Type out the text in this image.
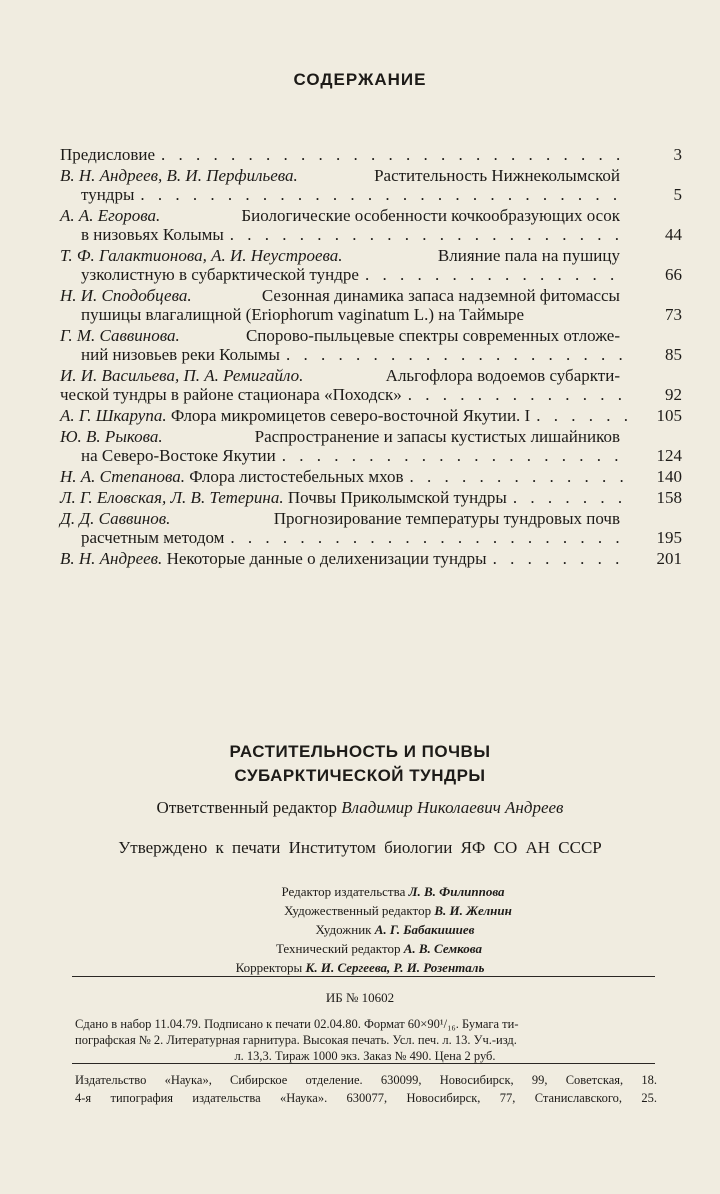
СОДЕРЖАНИЕ
Предисловие . . .	3
В. Н. Андреев, В. И. Перфильева.
	Растительность Нижнеколымской
тундры . . .	5
А. А. Егорова.
	Биологические особенности кочкообразующих осок
в низовьях Колымы . . .	44
Т. Ф. Галактионова, А. И. Неустроева.
	Влияние пала на пушицу
узколистную в субарктической тундре . . .	66
Н. И. Сподобцева.
	Сезонная динамика запаса надземной фитомассы
пушицы влагалищной (Eriophorum vaginatum L.) на Таймыре	73
Г. М. Саввинова.
	Спорово-пыльцевые спектры современных отложе-
ний низовьев реки Колымы . . .	85
И. И. Васильева, П. А. Ремигайло.
	Альгофлора водоемов субаркти-
ческой тундры в районе стационара «Походск» . . .	92
А. Г. Шкарупа.
Флора микромицетов северо-восточной Якутии. I . . .	105
Ю. В. Рыкова.
	Распространение и запасы кустистых лишайников
на Северо-Востоке Якутии . . .	124
Н. А. Степанова.
Флора листостебельных мхов . . .	140
Л. Г. Еловская, Л. В. Тетерина.
Почвы Приколымской тундры . . .	158
Д. Д. Саввинов.
	Прогнозирование температуры тундровых почв
расчетным методом . . .	195
В. Н. Андреев.
Некоторые данные о делихенизации тундры . . .	201
РАСТИТЕЛЬНОСТЬ И ПОЧВЫ
СУБАРКТИЧЕСКОЙ ТУНДРЫ
Ответственный редактор Владимир Николаевич Андреев
Утверждено к печати Институтом биологии ЯФ СО АН СССР
Редактор издательства Л. В. Филиппова
Художественный редактор В. И. Желнин
Художник А. Г. Бабакишиев
Технический редактор А. В. Семкова
Корректоры К. И. Сергеева, Р. И. Розенталь
ИБ № 10602
Сдано в набор 11.04.79. Подписано к печати 02.04.80. Формат 60×90¹/₁₆. Бумага ти-
пографская № 2. Литературная гарнитура. Высокая печать. Усл. печ. л. 13. Уч.-изд.
л. 13,3. Тираж 1000 экз. Заказ № 490. Цена 2 руб.
Издательство «Наука», Сибирское отделение. 630099, Новосибирск, 99, Советская, 18.
4-я типография издательства «Наука». 630077, Новосибирск, 77, Станиславского, 25.
